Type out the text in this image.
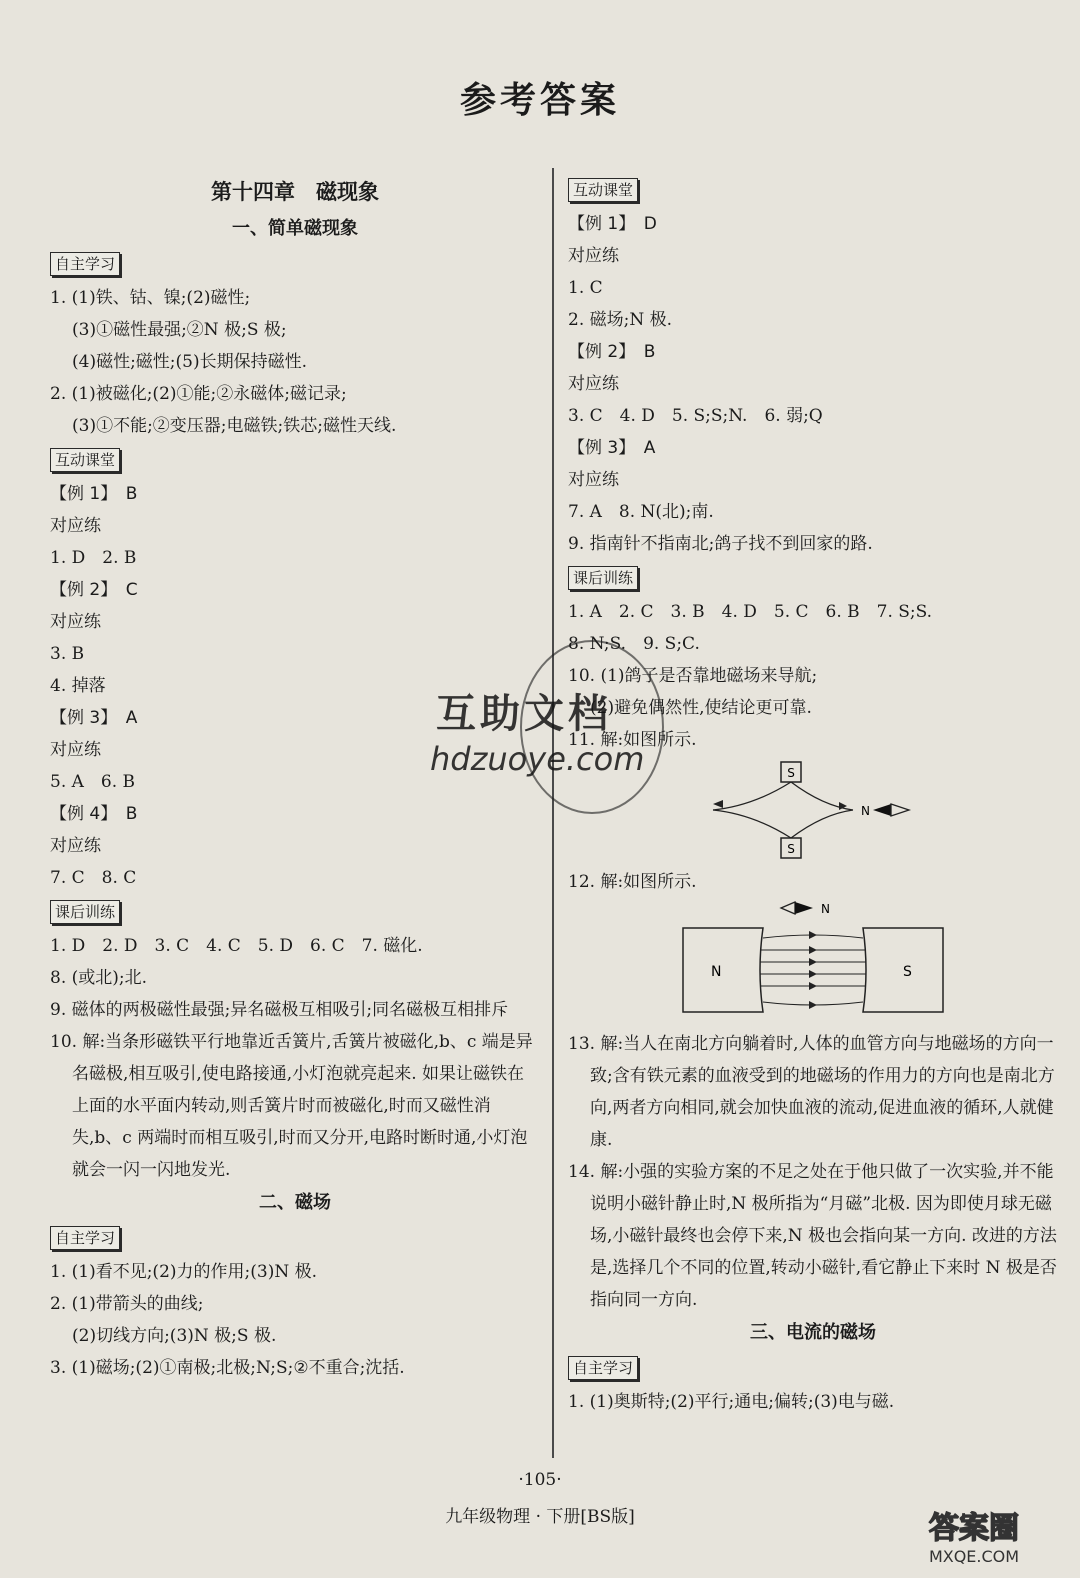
参考答案
第十四章　磁现象
一、简单磁现象
自主学习
1. (1)铁、钴、镍;(2)磁性;
(3)①磁性最强;②N 极;S 极;
(4)磁性;磁性;(5)长期保持磁性.
2. (1)被磁化;(2)①能;②永磁体;磁记录;
(3)①不能;②变压器;电磁铁;铁芯;磁性天线.
互动课堂
【例 1】　B
对应练
1. D　2. B
【例 2】　C
对应练
3. B
4. 掉落
【例 3】　A
对应练
5. A　6. B
【例 4】　B
对应练
7. C　8. C
课后训练
1. D　2. D　3. C　4. C　5. D　6. C　7. 磁化.
8. (或北);北.
9. 磁体的两极磁性最强;异名磁极互相吸引;同名磁极互相排斥
10. 解:当条形磁铁平行地靠近舌簧片,舌簧片被磁化,b、c 端是异名磁极,相互吸引,使电路接通,小灯泡就亮起来. 如果让磁铁在上面的水平面内转动,则舌簧片时而被磁化,时而又磁性消失,b、c 两端时而相互吸引,时而又分开,电路时断时通,小灯泡就会一闪一闪地发光.
二、磁场
自主学习
1. (1)看不见;(2)力的作用;(3)N 极.
2. (1)带箭头的曲线;
(2)切线方向;(3)N 极;S 极.
3. (1)磁场;(2)①南极;北极;N;S;②不重合;沈括.
互动课堂
【例 1】　D
对应练
1. C
2. 磁场;N 极.
【例 2】　B
对应练
3. C　4. D　5. S;S;N.　6. 弱;Q
【例 3】　A
对应练
7. A　8. N(北);南.
9. 指南针不指南北;鸽子找不到回家的路.
课后训练
1. A　2. C　3. B　4. D　5. C　6. B　7. S;S.
8. N;S.　9. S;C.
10. (1)鸽子是否靠地磁场来导航;
(2)避免偶然性,使结论更可靠.
11. 解:如图所示.
S
S
N
12. 解:如图所示.
N
N	S
13. 解:当人在南北方向躺着时,人体的血管方向与地磁场的方向一致;含有铁元素的血液受到的地磁场的作用力的方向也是南北方向,两者方向相同,就会加快血液的流动,促进血液的循环,人就健康.
14. 解:小强的实验方案的不足之处在于他只做了一次实验,并不能说明小磁针静止时,N 极所指为“月磁”北极. 因为即使月球无磁场,小磁针最终也会停下来,N 极也会指向某一方向. 改进的方法是,选择几个不同的位置,转动小磁针,看它静止下来时 N 极是否指向同一方向.
三、电流的磁场
自主学习
1. (1)奥斯特;(2)平行;通电;偏转;(3)电与磁.
互助文档
hdzuoye.com
·105·
九年级物理 · 下册[BS版]	答案圈
MXQE.COM
